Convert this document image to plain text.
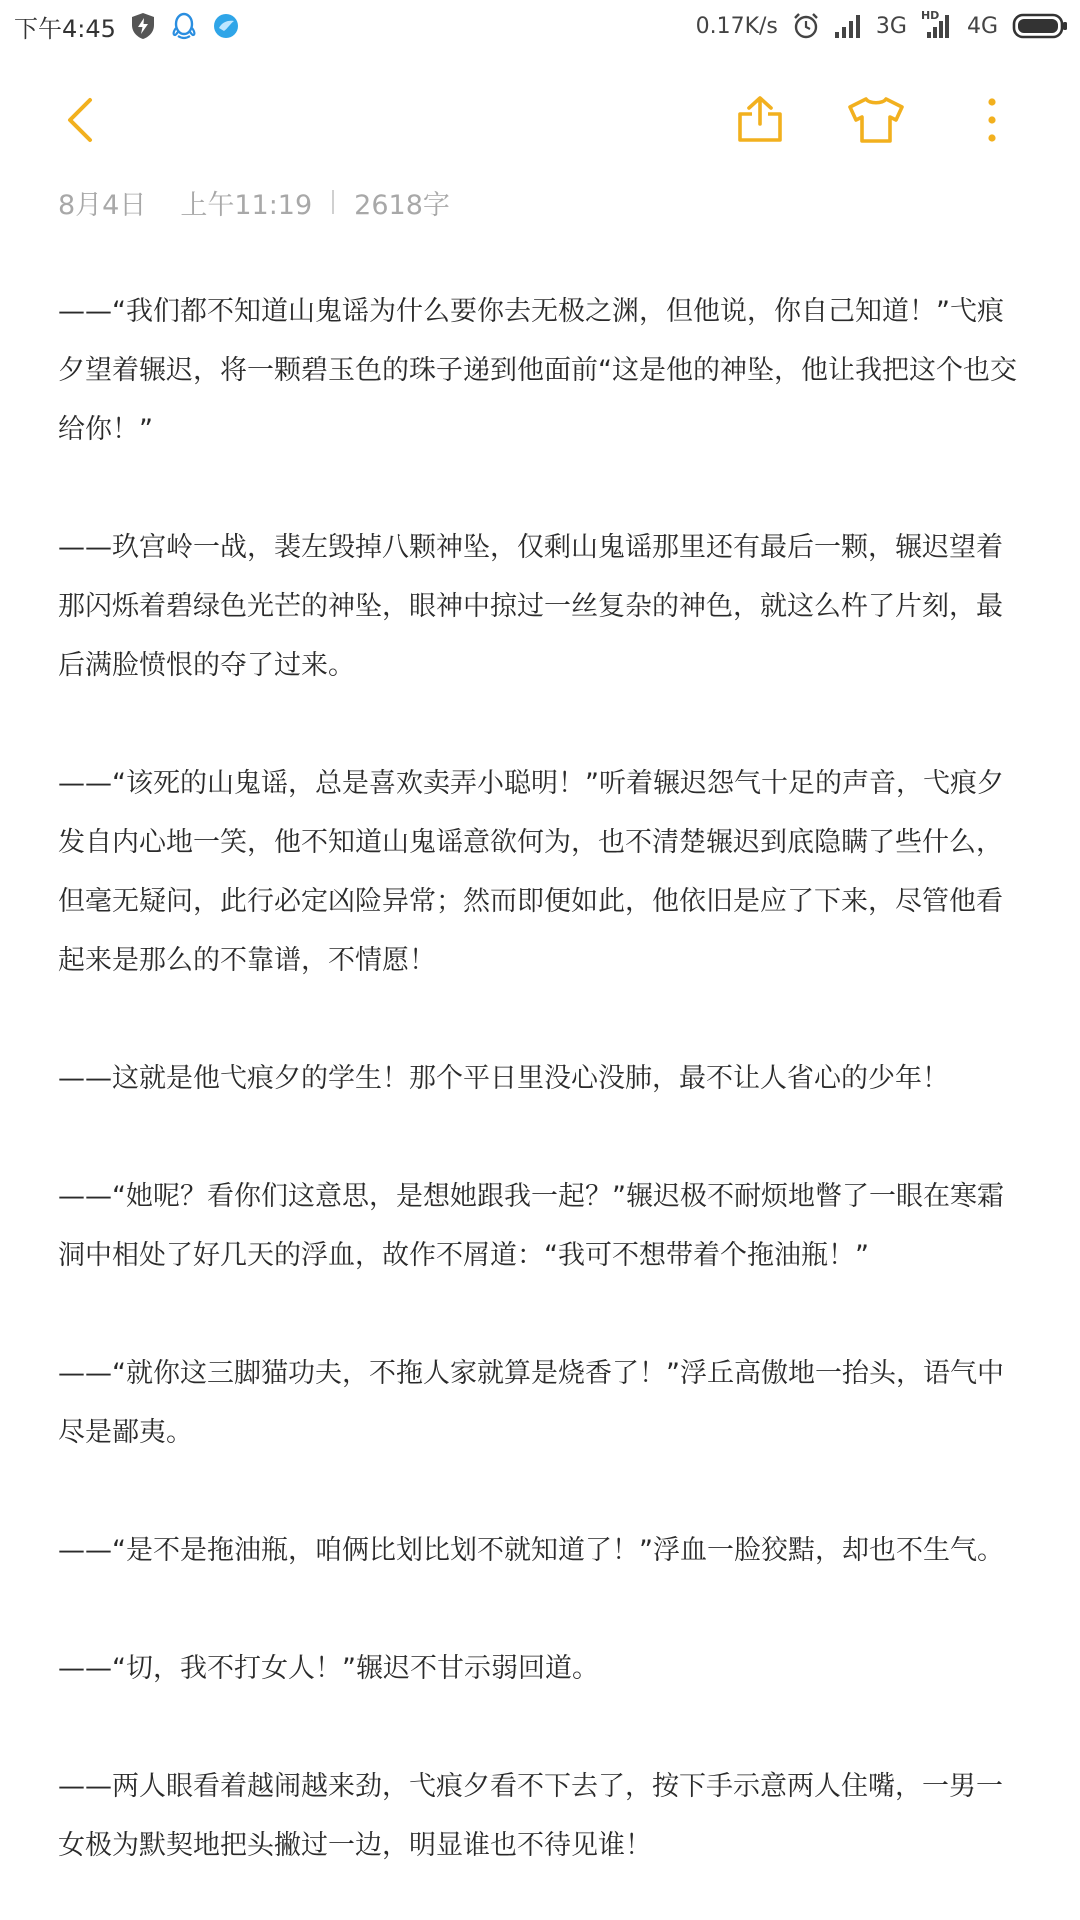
下午4:45	0.17K/s	3G HD 4G
8月4日 上午11:19 2618字

——“我们都不知道山鬼谣为什么要你去无极之渊，但他说，你自己知道！”弋痕夕望着辗迟，将一颗碧玉色的珠子递到他面前“这是他的神坠，他让我把这个也交给你！”

——玖宫岭一战，裴左毁掉八颗神坠，仅剩山鬼谣那里还有最后一颗，辗迟望着那闪烁着碧绿色光芒的神坠，眼神中掠过一丝复杂的神色，就这么杵了片刻，最后满脸愤恨的夺了过来。

——“该死的山鬼谣，总是喜欢卖弄小聪明！”听着辗迟怨气十足的声音，弋痕夕发自内心地一笑，他不知道山鬼谣意欲何为，也不清楚辗迟到底隐瞒了些什么，但毫无疑问，此行必定凶险异常；然而即便如此，他依旧是应了下来，尽管他看起来是那么的不靠谱，不情愿！

——这就是他弋痕夕的学生！那个平日里没心没肺，最不让人省心的少年！

——“她呢？看你们这意思，是想她跟我一起？”辗迟极不耐烦地瞥了一眼在寒霜洞中相处了好几天的浮血，故作不屑道：“我可不想带着个拖油瓶！”

——“就你这三脚猫功夫，不拖人家就算是烧香了！”浮丘高傲地一抬头，语气中尽是鄙夷。

——“是不是拖油瓶，咱俩比划比划不就知道了！”浮血一脸狡黠，却也不生气。

——“切，我不打女人！”辗迟不甘示弱回道。

——两人眼看着越闹越来劲，弋痕夕看不下去了，按下手示意两人住嘴，一男一女极为默契地把头撇过一边，明显谁也不待见谁！
